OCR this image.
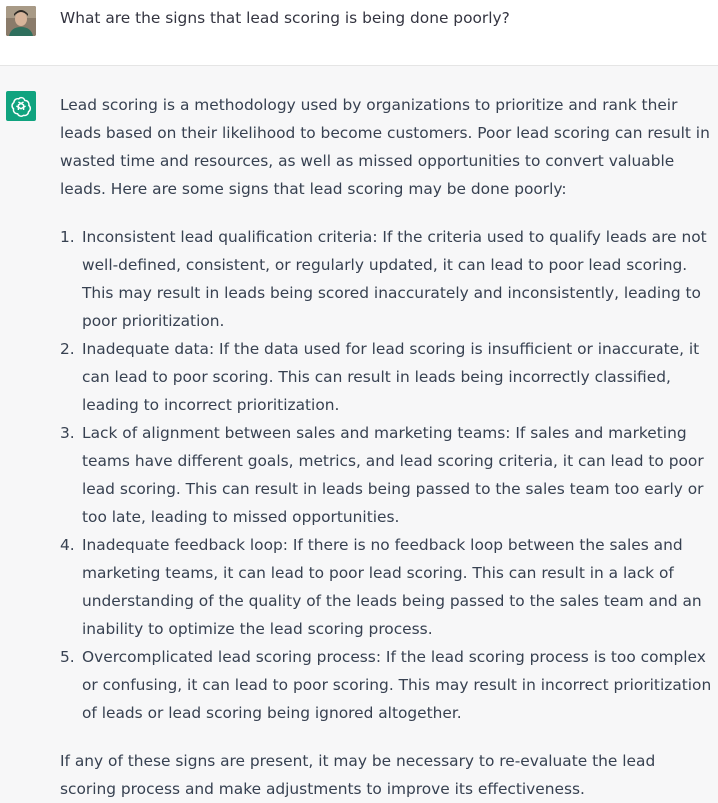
What are the signs that lead scoring is being done poorly?

Lead scoring is a methodology used by organizations to prioritize and rank their leads based on their likelihood to become customers. Poor lead scoring can result in wasted time and resources, as well as missed opportunities to convert valuable leads. Here are some signs that lead scoring may be done poorly:

1. Inconsistent lead qualification criteria: If the criteria used to qualify leads are not well-defined, consistent, or regularly updated, it can lead to poor lead scoring. This may result in leads being scored inaccurately and inconsistently, leading to poor prioritization.
2. Inadequate data: If the data used for lead scoring is insufficient or inaccurate, it can lead to poor scoring. This can result in leads being incorrectly classified, leading to incorrect prioritization.
3. Lack of alignment between sales and marketing teams: If sales and marketing teams have different goals, metrics, and lead scoring criteria, it can lead to poor lead scoring. This can result in leads being passed to the sales team too early or too late, leading to missed opportunities.
4. Inadequate feedback loop: If there is no feedback loop between the sales and marketing teams, it can lead to poor lead scoring. This can result in a lack of understanding of the quality of the leads being passed to the sales team and an inability to optimize the lead scoring process.
5. Overcomplicated lead scoring process: If the lead scoring process is too complex or confusing, it can lead to poor scoring. This may result in incorrect prioritization of leads or lead scoring being ignored altogether.

If any of these signs are present, it may be necessary to re-evaluate the lead scoring process and make adjustments to improve its effectiveness.
